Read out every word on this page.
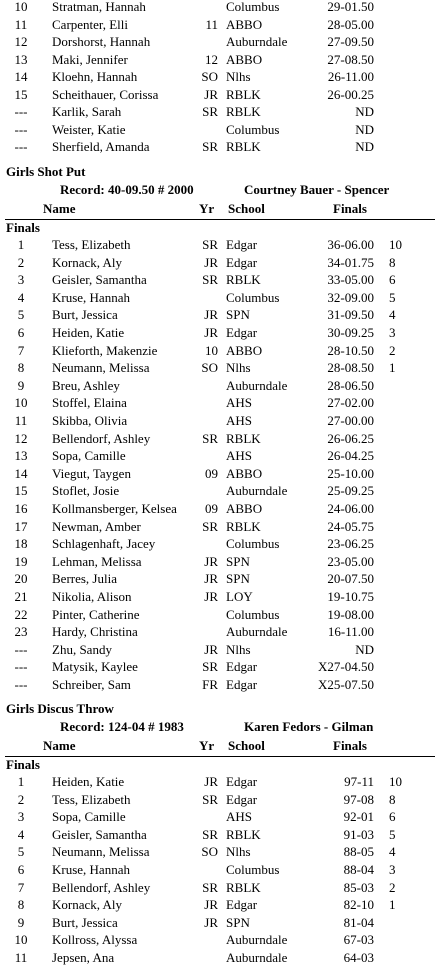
10	Stratman, Hannah	Columbus	29-01.50
11	Carpenter, Elli	11 ABBO	28-05.00
12	Dorshorst, Hannah	Auburndale	27-09.50
13	Maki, Jennifer	12 ABBO	27-08.50
14	Kloehn, Hannah	SO Nlhs	26-11.00
15	Scheithauer, Corissa	JR RBLK	26-00.25
---	Karlik, Sarah	SR RBLK	ND
---	Weister, Katie	Columbus	ND
---	Sherfield, Amanda	SR RBLK	ND
Girls Shot Put
Record: 40-09.50 # 2000	Courtney Bauer - Spencer
Name	Yr School	Finals
Finals
1	Tess, Elizabeth	SR Edgar	36-06.00 10
2	Kornack, Aly	JR Edgar	34-01.75 8
3	Geisler, Samantha	SR RBLK	33-05.00 6
4	Kruse, Hannah	Columbus	32-09.00 5
5	Burt, Jessica	JR SPN	31-09.50 4
6	Heiden, Katie	JR Edgar	30-09.25 3
7	Klieforth, Makenzie	10 ABBO	28-10.50 2
8	Neumann, Melissa	SO Nlhs	28-08.50 1
9	Breu, Ashley	Auburndale	28-06.50
10	Stoffel, Elaina	AHS	27-02.00
11	Skibba, Olivia	AHS	27-00.00
12	Bellendorf, Ashley	SR RBLK	26-06.25
13	Sopa, Camille	AHS	26-04.25
14	Viegut, Taygen	09 ABBO	25-10.00
15	Stoflet, Josie	Auburndale	25-09.25
16	Kollmansberger, Kelsea	09 ABBO	24-06.00
17	Newman, Amber	SR RBLK	24-05.75
18	Schlagenhaft, Jacey	Columbus	23-06.25
19	Lehman, Melissa	JR SPN	23-05.00
20	Berres, Julia	JR SPN	20-07.50
21	Nikolia, Alison	JR LOY	19-10.75
22	Pinter, Catherine	Columbus	19-08.00
23	Hardy, Christina	Auburndale	16-11.00
---	Zhu, Sandy	JR Nlhs	ND
---	Matysik, Kaylee	SR Edgar	X27-04.50
---	Schreiber, Sam	FR Edgar	X25-07.50
Girls Discus Throw
Record: 124-04 # 1983	Karen Fedors - Gilman
Name	Yr School	Finals
Finals
1	Heiden, Katie	JR Edgar	97-11 10
2	Tess, Elizabeth	SR Edgar	97-08 8
3	Sopa, Camille	AHS	92-01 6
4	Geisler, Samantha	SR RBLK	91-03 5
5	Neumann, Melissa	SO Nlhs	88-05 4
6	Kruse, Hannah	Columbus	88-04 3
7	Bellendorf, Ashley	SR RBLK	85-03 2
8	Kornack, Aly	JR Edgar	82-10 1
9	Burt, Jessica	JR SPN	81-04
10	Kollross, Alyssa	Auburndale	67-03
11	Jepsen, Ana	Auburndale	64-03
